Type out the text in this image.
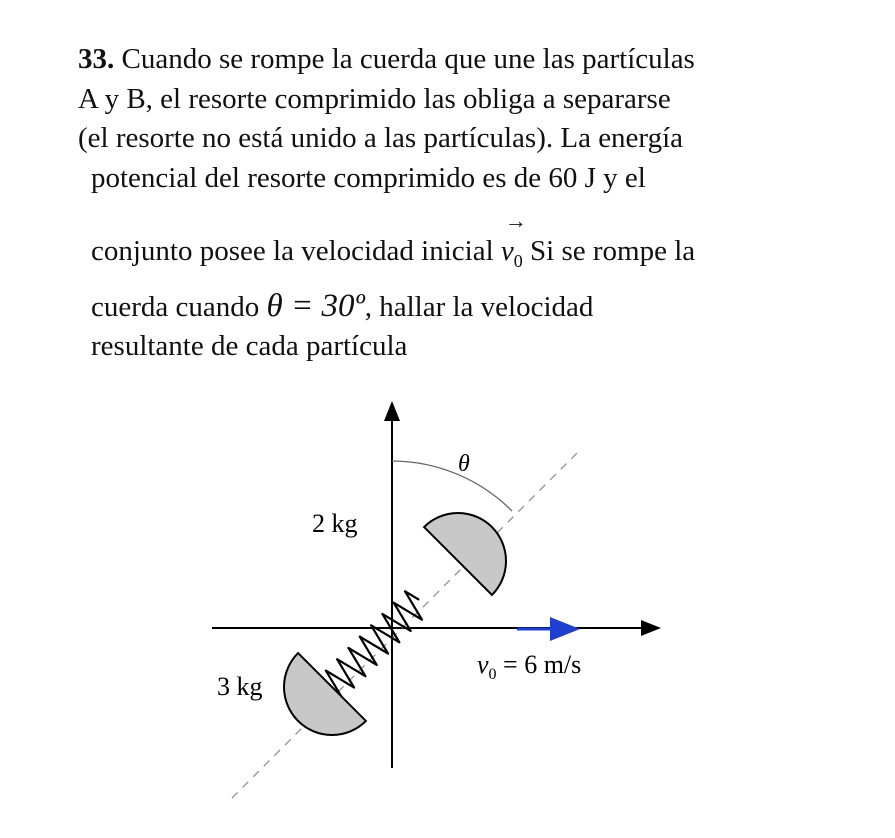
33. Cuando se rompe la cuerda que une las partículas

A y B, el resorte comprimido las obliga a separarse

(el resorte no está unido a las partículas). La energía

potencial del resorte comprimido es de 60 J y el

conjunto posee la velocidad inicial
→
$v_0$ Si se rompe la

cuerda cuando θ = 30º, hallar la velocidad

resultante de cada partícula

θ
2 kg
3 kg
$v_0 = 6$ m/s
